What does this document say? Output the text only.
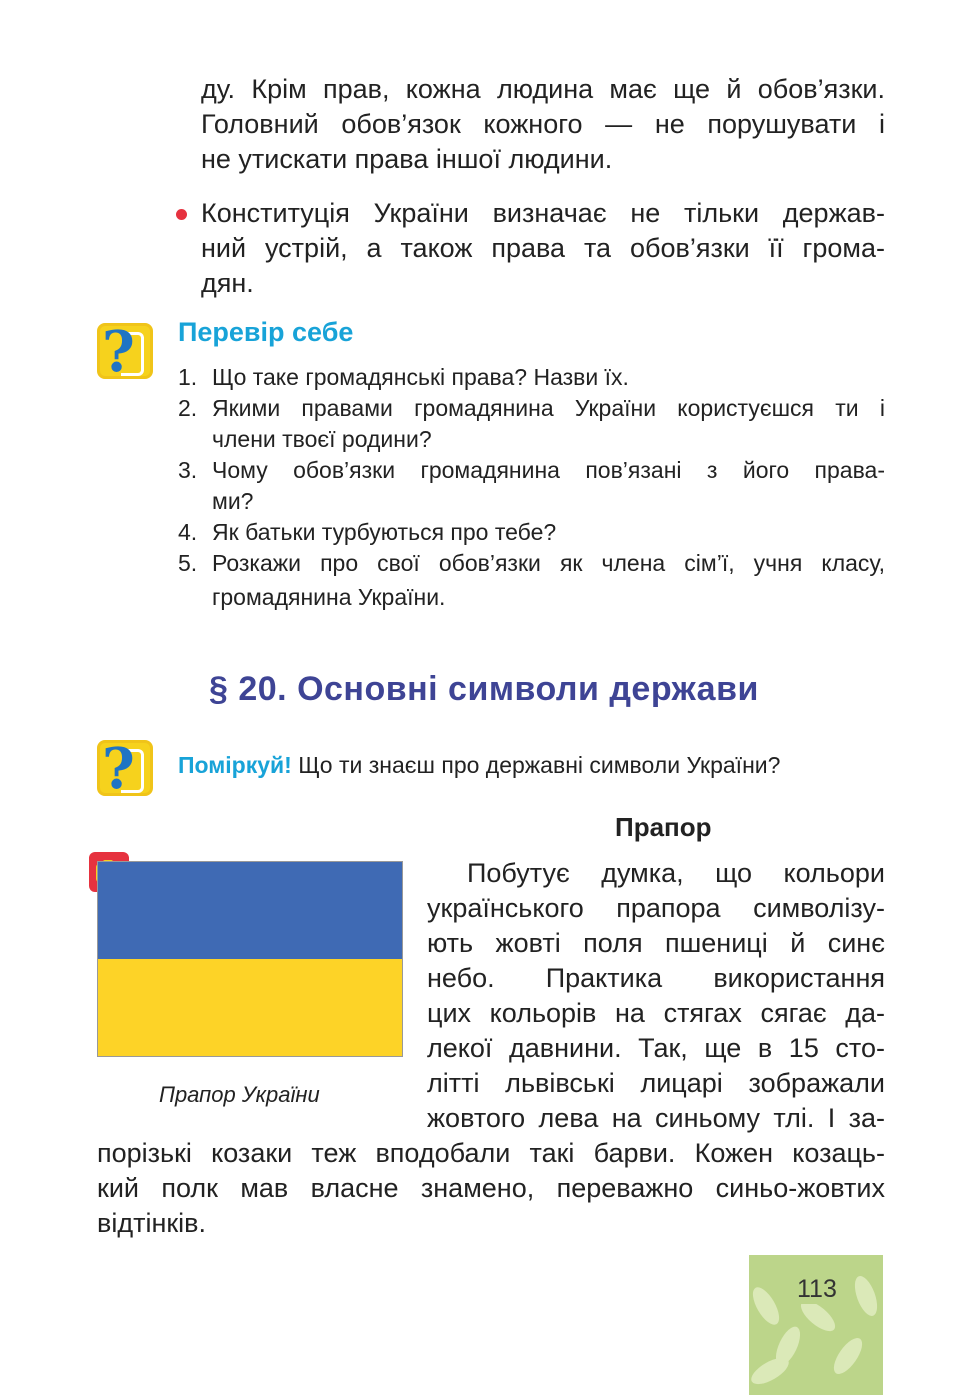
ду. Крім прав, кожна людина має ще й обов’язки.
Головний обов’язок кожного — не порушувати і
не утискати права іншої людини.
Конституція України визначає не тільки держав-
ний устрій, а також права та обов’язки її грома-
дян.
? Перевір себе
1. Що таке громадянські права? Назви їх.
2. Якими правами громадянина України користуєшся ти і
члени твоєї родини?
3. Чому обов’язки громадянина пов’язані з його права-
ми?
4. Як батьки турбуються про тебе?
5. Розкажи про свої обов’язки як члена сім’ї, учня класу,
громадянина України.
§ 20. Основні символи держави
? Поміркуй! Що ти знаєш про державні символи України?
Прапор
Прапор України
Побутує думка, що кольори
українського прапора символізу-
ють жовті поля пшениці й синє
небо. Практика використання
цих кольорів на стягах сягає да-
лекої давнини. Так, ще в 15 сто-
літті львівські лицарі зображали
жовтого лева на синьому тлі. І за-
порізькі козаки теж вподобали такі барви. Кожен козаць-
кий полк мав власне знамено, переважно синьо-жовтих
відтінків.
113
